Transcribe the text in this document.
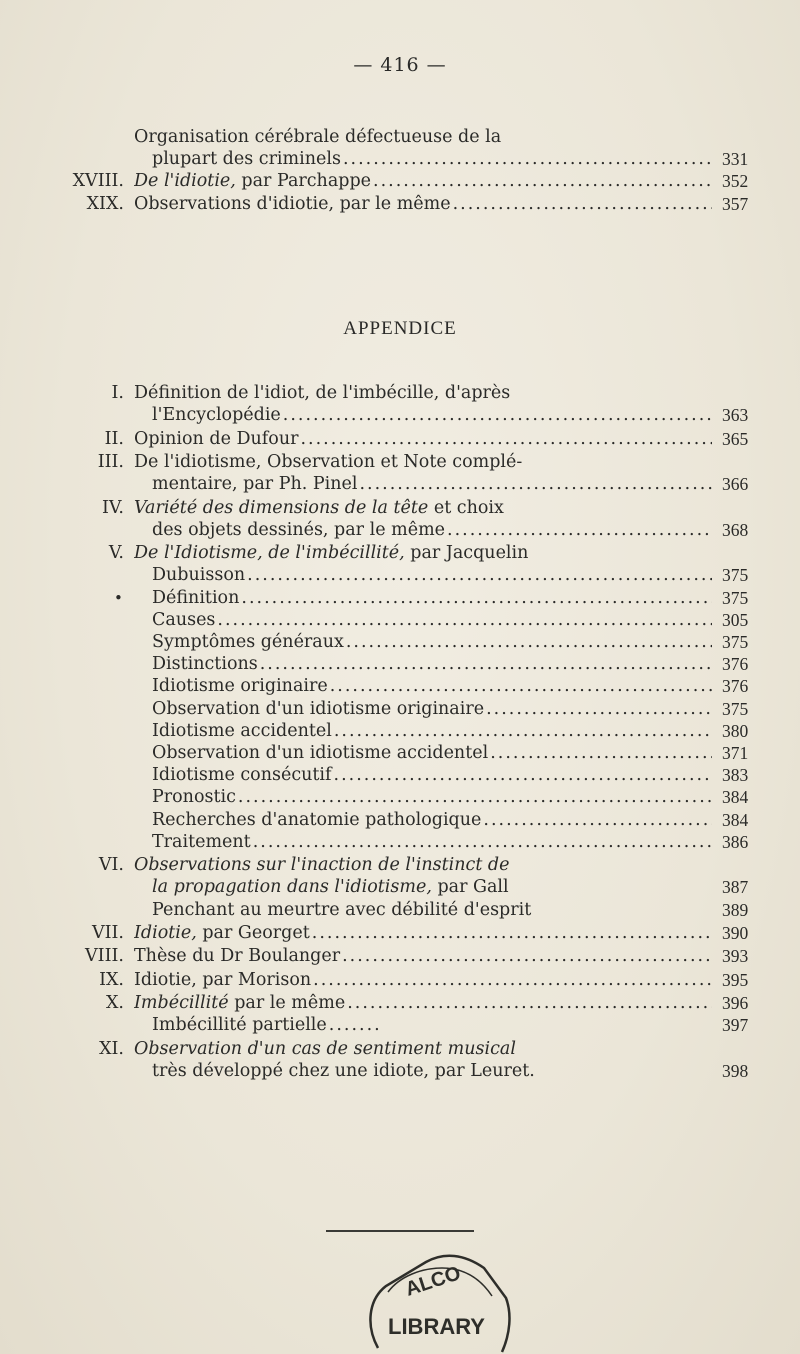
— 416 —
APPENDICE
Organisation cérébrale défectueuse de la
plupart des criminels .....	331
XVIII. De l'idiotie, par Parchappe .....	352
XIX. Observations d'idiotie, par le même .....	357
I. Définition de l'idiot, de l'imbécille, d'après
l'Encyclopédie .....	363
II. Opinion de Dufour .....	365
III. De l'idiotisme, Observation et Note complé-
mentaire, par Ph. Pinel .....	366
IV. Variété des dimensions de la tête et choix
des objets dessinés, par le même .....	368
V. De l'Idiotisme, de l'imbécillité, par Jacquelin
Dubuisson .....	375
• Définition .....	375
Causes .....	305
Symptômes généraux .....	375
Distinctions .....	376
Idiotisme originaire .....	376
Observation d'un idiotisme originaire .....	375
Idiotisme accidentel .....	380
Observation d'un idiotisme accidentel .....	371
Idiotisme consécutif .....	383
Pronostic .....	384
Recherches d'anatomie pathologique .....	384
Traitement .....	386
VI. Observations sur l'inaction de l'instinct de
la propagation dans l'idiotisme, par Gall	387
Penchant au meurtre avec débilité d'esprit	389
VII. Idiotie, par Georget .....	390
VIII. Thèse du Dr Boulanger .....	393
IX. Idiotie, par Morison .....	395
X. Imbécillité par le même .....	396
Imbécillité partielle .....	397
XI. Observation d'un cas de sentiment musical
très développé chez une idiote, par Leuret.	398
ALCO
LIBRARY
